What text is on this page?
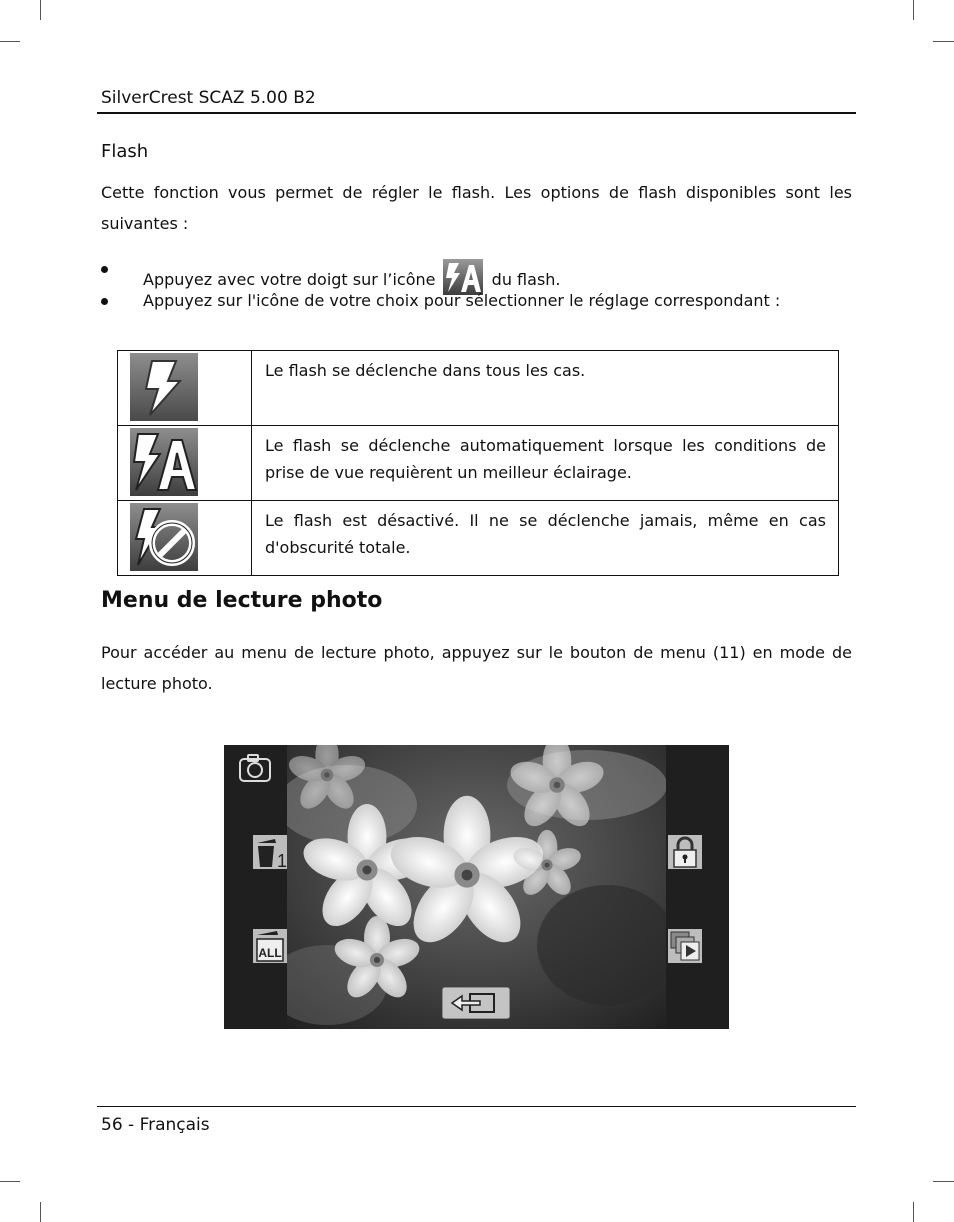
SilverCrest SCAZ 5.00 B2
Flash
Cette fonction vous permet de régler le flash. Les options de flash disponibles sont les suivantes :
Appuyez avec votre doigt sur l’icône	du flash.
Appuyez sur l'icône de votre choix pour sélectionner le réglage correspondant :
	Le flash se déclenche dans tous les cas.
	Le flash se déclenche automatiquement lorsque les conditions de prise de vue requièrent un meilleur éclairage.
	Le flash est désactivé. Il ne se déclenche jamais, même en cas d'obscurité totale.
Menu de lecture photo
Pour accéder au menu de lecture photo, appuyez sur le bouton de menu (11) en mode de lecture photo.
1
ALL
56 - Français
